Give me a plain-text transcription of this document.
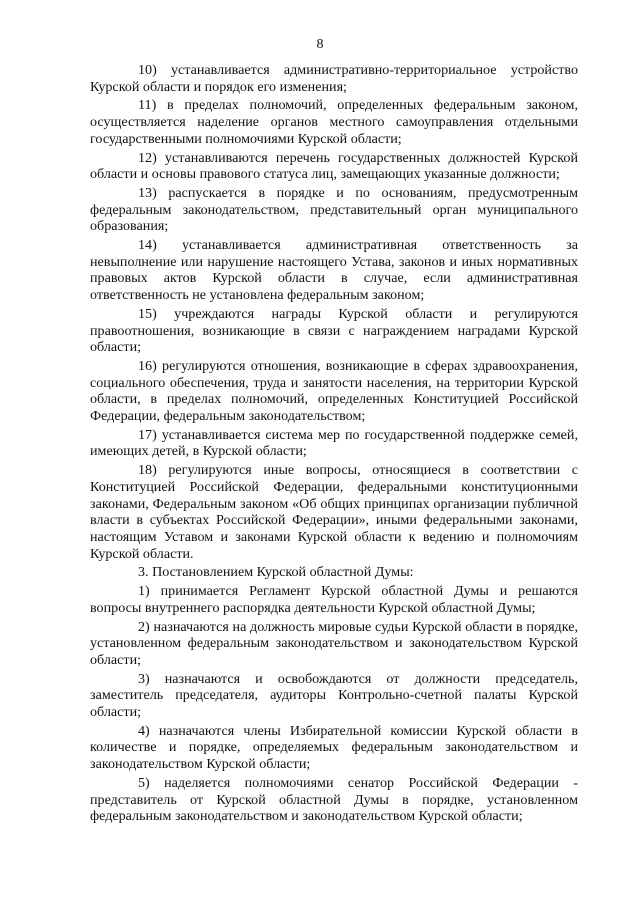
8

10) устанавливается административно-территориальное устройство Курской области и порядок его изменения;

11) в пределах полномочий, определенных федеральным законом, осуществляется наделение органов местного самоуправления отдельными государственными полномочиями Курской области;

12) устанавливаются перечень государственных должностей Курской области и основы правового статуса лиц, замещающих указанные должности;

13) распускается в порядке и по основаниям, предусмотренным федеральным законодательством, представительный орган муниципального образования;

14) устанавливается административная ответственность за невыполнение или нарушение настоящего Устава, законов и иных нормативных правовых актов Курской области в случае, если административная ответственность не установлена федеральным законом;

15) учреждаются награды Курской области и регулируются правоотношения, возникающие в связи с награждением наградами Курской области;

16) регулируются отношения, возникающие в сферах здравоохранения, социального обеспечения, труда и занятости населения, на территории Курской области, в пределах полномочий, определенных Конституцией Российской Федерации, федеральным законодательством;

17) устанавливается система мер по государственной поддержке семей, имеющих детей, в Курской области;

18) регулируются иные вопросы, относящиеся в соответствии с Конституцией Российской Федерации, федеральными конституционными законами, Федеральным законом «Об общих принципах организации публичной власти в субъектах Российской Федерации», иными федеральными законами, настоящим Уставом и законами Курской области к ведению и полномочиям Курской области.

3. Постановлением Курской областной Думы:

1) принимается Регламент Курской областной Думы и решаются вопросы внутреннего распорядка деятельности Курской областной Думы;

2) назначаются на должность мировые судьи Курской области в порядке, установленном федеральным законодательством и законодательством Курской области;

3) назначаются и освобождаются от должности председатель, заместитель председателя, аудиторы Контрольно-счетной палаты Курской области;

4) назначаются члены Избирательной комиссии Курской области в количестве и порядке, определяемых федеральным законодательством и законодательством Курской области;

5) наделяется полномочиями сенатор Российской Федерации - представитель от Курской областной Думы в порядке, установленном федеральным законодательством и законодательством Курской области;
